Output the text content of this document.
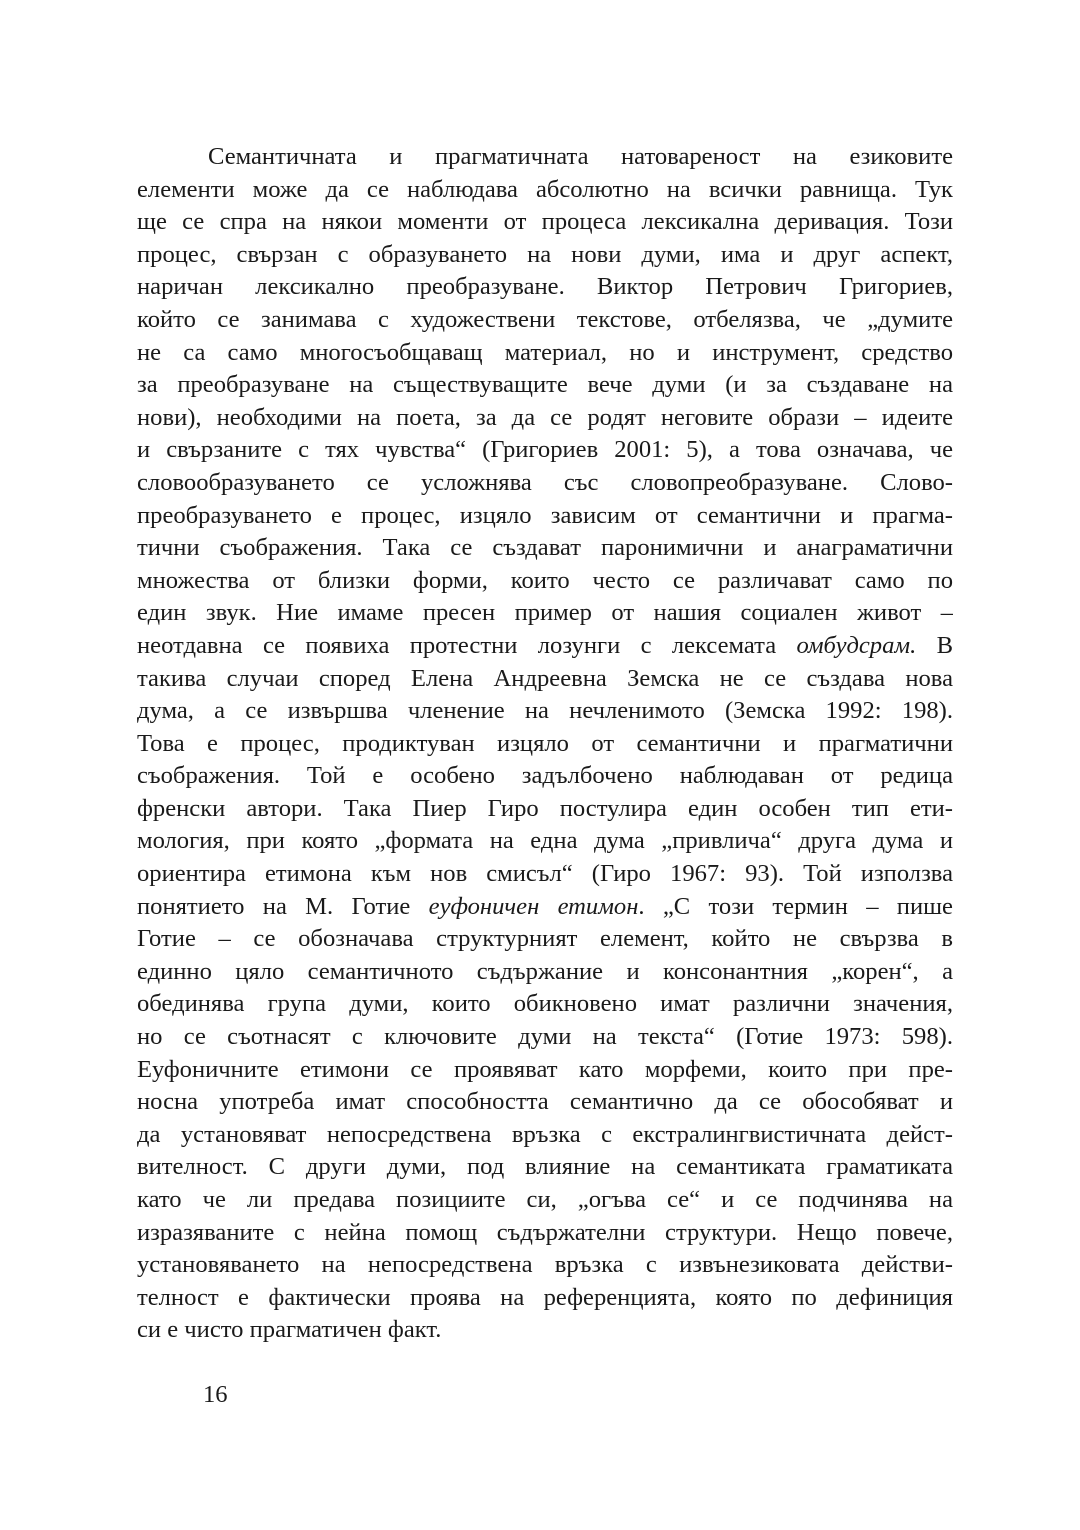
Семантичната и прагматичната натовареност на езиковите
елементи може да се наблюдава абсолютно на всички равнища. Тук
ще се спра на някои моменти от процеса лексикална деривация. Този
процес, свързан с образуването на нови думи, има и друг аспект,
наричан лексикално преобразуване. Виктор Петрович Григориев,
който се занимава с художествени текстове, отбелязва, че „думите
не са само многосъобщаващ материал, но и инструмент, средство
за преобразуване на съществуващите вече думи (и за създаване на
нови), необходими на поета, за да се родят неговите образи – идеите
и свързаните с тях чувства“ (Григориев 2001: 5), а това означава, че
словообразуването се усложнява със словопреобразуване. Слово-
преобразуването е процес, изцяло зависим от семантични и прагма-
тични съображения. Така се създават паронимични и анаграматични
множества от близки форми, които често се различават само по
един звук. Ние имаме пресен пример от нашия социален живот –
неотдавна се появиха протестни лозунги с лексемата омбудсрам. В
такива случаи според Елена Андреевна Земска не се създава нова
дума, а се извършва членение на нечленимото (Земска 1992: 198).
Това е процес, продиктуван изцяло от семантични и прагматични
съображения. Той е особено задълбочено наблюдаван от редица
френски автори. Така Пиер Гиро постулира един особен тип ети-
мология, при която „формата на една дума „привлича“ друга дума и
ориентира етимона към нов смисъл“ (Гиро 1967: 93). Той използва
понятието на М. Готие еуфоничен етимон. „С този термин – пише
Готие – се обозначава структурният елемент, който не свързва в
единно цяло семантичното съдържание и консонантния „корен“, а
обединява група думи, които обикновено имат различни значения,
но се съотнасят с ключовите думи на текста“ (Готие 1973: 598).
Еуфоничните етимони се проявяват като морфеми, които при пре-
носна употреба имат способността семантично да се обособяват и
да установяват непосредствена връзка с екстралингвистичната дейст-
вителност. С други думи, под влияние на семантиката граматиката
като че ли предава позициите си, „огъва се“ и се подчинява на
изразяваните с нейна помощ съдържателни структури. Нещо повече,
установяването на непосредствена връзка с извънезиковата действи-
телност е фактически проява на референцията, която по дефиниция
си е чисто прагматичен факт.
16
